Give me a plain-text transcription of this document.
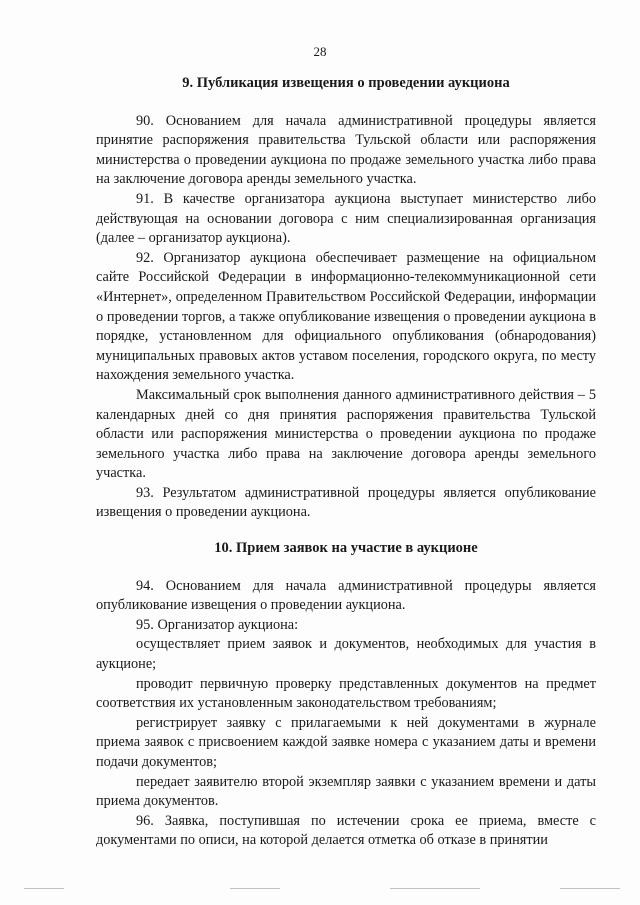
28
9. Публикация извещения о проведении аукциона

90. Основанием для начала административной процедуры является принятие распоряжения правительства Тульской области или распоряжения министерства о проведении аукциона по продаже земельного участка либо права на заключение договора аренды земельного участка.

91. В качестве организатора аукциона выступает министерство либо действующая на основании договора с ним специализированная организация (далее – организатор аукциона).

92. Организатор аукциона обеспечивает размещение на официальном сайте Российской Федерации в информационно-телекоммуникационной сети «Интернет», определенном Правительством Российской Федерации, информации о проведении торгов, а также опубликование извещения о проведении аукциона в порядке, установленном для официального опубликования (обнародования) муниципальных правовых актов уставом поселения, городского округа, по месту нахождения земельного участка.

Максимальный срок выполнения данного административного действия – 5 календарных дней со дня принятия распоряжения правительства Тульской области или распоряжения министерства о проведении аукциона по продаже земельного участка либо права на заключение договора аренды земельного участка.

93. Результатом административной процедуры является опубликование извещения о проведении аукциона.

10. Прием заявок на участие в аукционе

94. Основанием для начала административной процедуры является опубликование извещения о проведении аукциона.

95. Организатор аукциона:

осуществляет прием заявок и документов, необходимых для участия в аукционе;

проводит первичную проверку представленных документов на предмет соответствия их установленным законодательством требованиям;

регистрирует заявку с прилагаемыми к ней документами в журнале приема заявок с присвоением каждой заявке номера с указанием даты и времени подачи документов;

передает заявителю второй экземпляр заявки с указанием времени и даты приема документов.

96. Заявка, поступившая по истечении срока ее приема, вместе с документами по описи, на которой делается отметка об отказе в принятии
